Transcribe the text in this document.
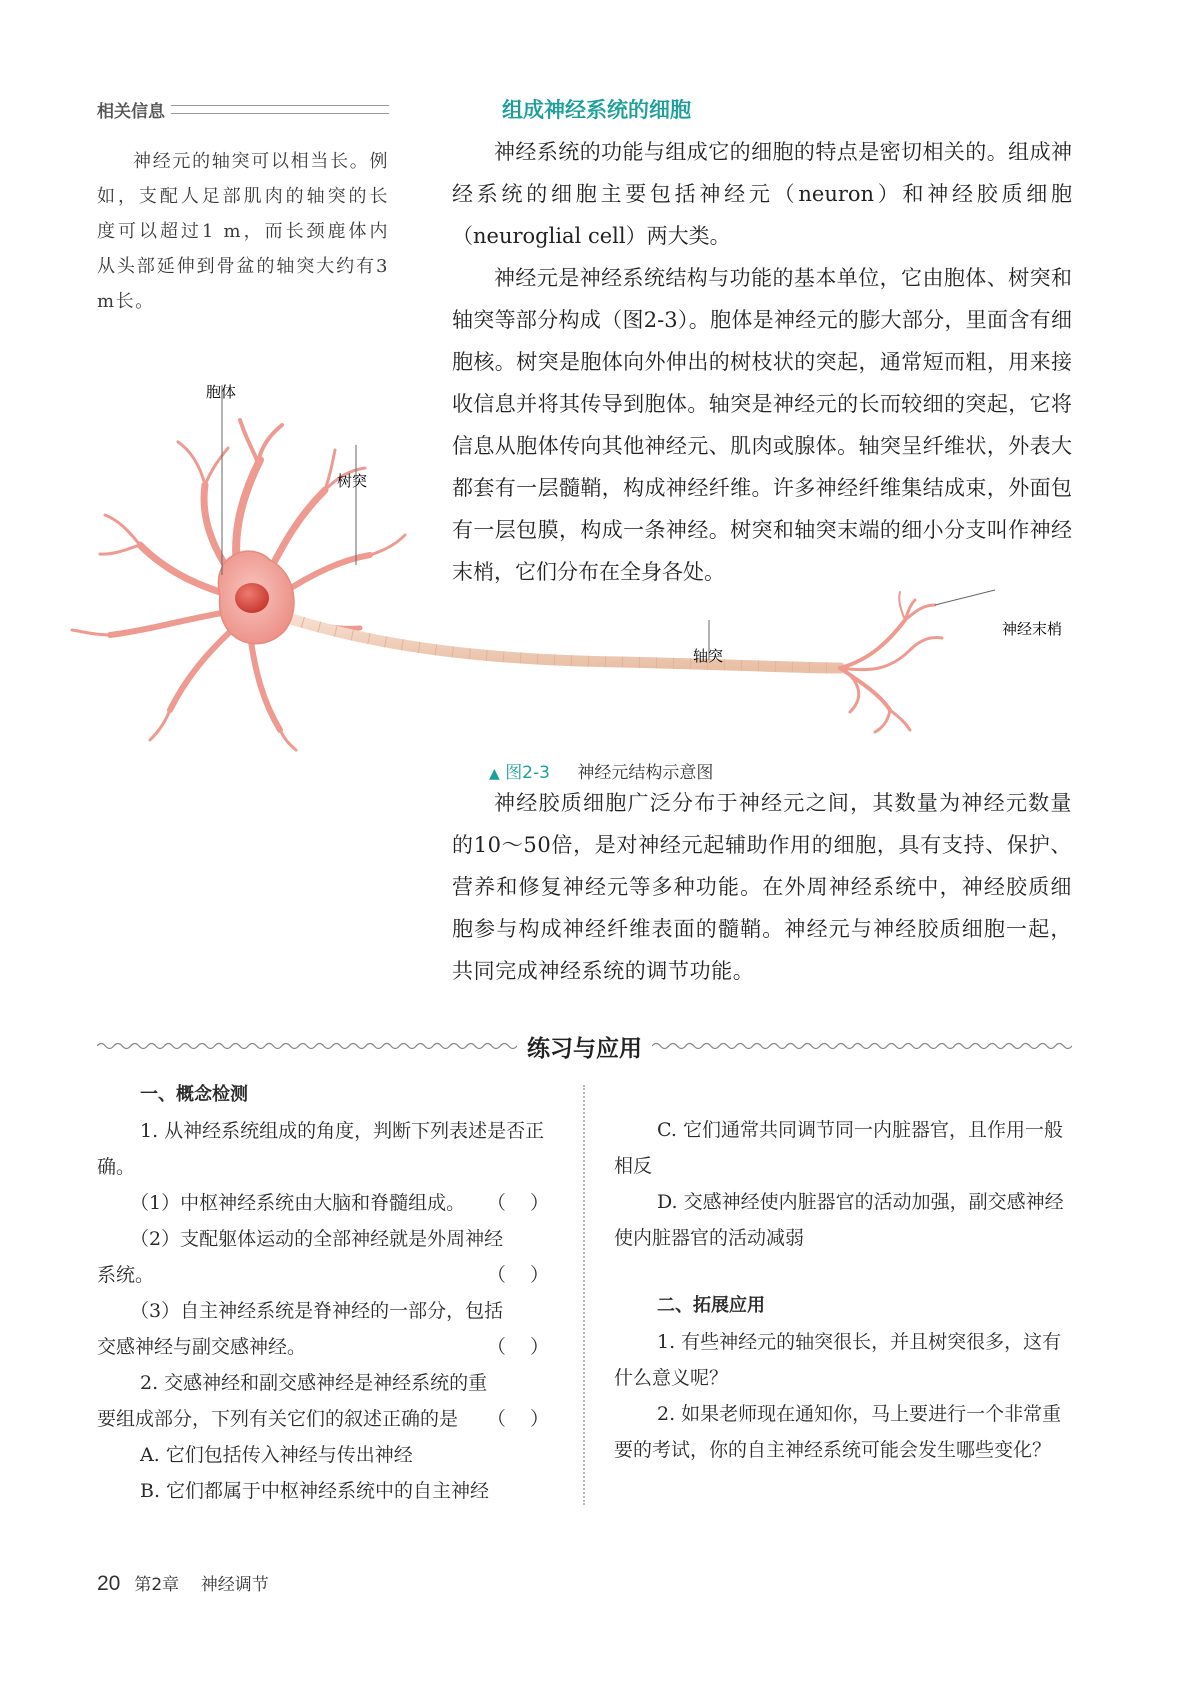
相关信息

神经元的轴突可以相当长。例如，支配人足部肌肉的轴突的长度可以超过1 m，而长颈鹿体内从头部延伸到骨盆的轴突大约有3 m长。

组成神经系统的细胞

神经系统的功能与组成它的细胞的特点是密切相关的。组成神经系统的细胞主要包括神经元（neuron）和神经胶质细胞（neuroglial cell）两大类。

神经元是神经系统结构与功能的基本单位，它由胞体、树突和轴突等部分构成（图2-3）。胞体是神经元的膨大部分，里面含有细胞核。树突是胞体向外伸出的树枝状的突起，通常短而粗，用来接收信息并将其传导到胞体。轴突是神经元的长而较细的突起，它将信息从胞体传向其他神经元、肌肉或腺体。轴突呈纤维状，外表大都套有一层髓鞘，构成神经纤维。许多神经纤维集结成束，外面包有一层包膜，构成一条神经。树突和轴突末端的细小分支叫作神经末梢，它们分布在全身各处。

胞体
树突
轴突
神经末梢
▲ 图2-3 神经元结构示意图

神经胶质细胞广泛分布于神经元之间，其数量为神经元数量的10～50倍，是对神经元起辅助作用的细胞，具有支持、保护、营养和修复神经元等多种功能。在外周神经系统中，神经胶质细胞参与构成神经纤维表面的髓鞘。神经元与神经胶质细胞一起，共同完成神经系统的调节功能。

练习与应用

一、概念检测

1. 从神经系统组成的角度，判断下列表述是否正确。

（1）中枢神经系统由大脑和脊髓组成。 （    ）

（2）支配躯体运动的全部神经就是外周神经

系统。	（    ）

（3）自主神经系统是脊神经的一部分，包括

交感神经与副交感神经。	（    ）

2. 交感神经和副交感神经是神经系统的重

要组成部分，下列有关它们的叙述正确的是 （    ）

A. 它们包括传入神经与传出神经

B. 它们都属于中枢神经系统中的自主神经

C. 它们通常共同调节同一内脏器官，且作用一般相反

D. 交感神经使内脏器官的活动加强，副交感神经使内脏器官的活动减弱

二、拓展应用

1. 有些神经元的轴突很长，并且树突很多，这有什么意义呢？

2. 如果老师现在通知你，马上要进行一个非常重要的考试，你的自主神经系统可能会发生哪些变化？

20 第2章    神经调节
